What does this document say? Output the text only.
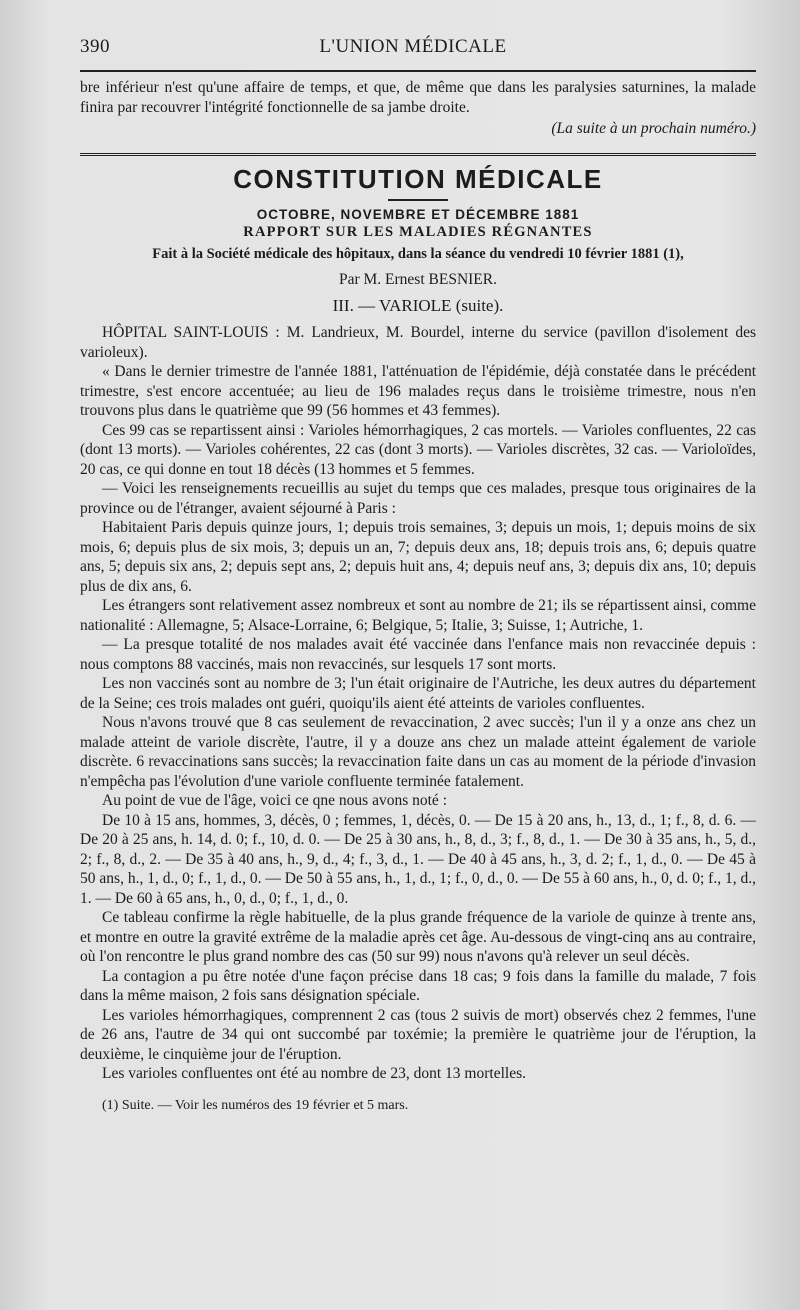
390	L'UNION MÉDICALE

bre inférieur n'est qu'une affaire de temps, et que, de même que dans les paralysies saturnines, la malade finira par recouvrer l'intégrité fonctionnelle de sa jambe droite.

(La suite à un prochain numéro.)

CONSTITUTION MÉDICALE
OCTOBRE, NOVEMBRE ET DÉCEMBRE 1881
RAPPORT SUR LES MALADIES RÉGNANTES

Fait à la Société médicale des hôpitaux, dans la séance du vendredi 10 février 1881 (1),

Par M. Ernest BESNIER.

III. — VARIOLE (suite).

HÔPITAL SAINT-LOUIS : M. Landrieux, M. Bourdel, interne du service (pavillon d'isolement des varioleux).

« Dans le dernier trimestre de l'année 1881, l'atténuation de l'épidémie, déjà constatée dans le précédent trimestre, s'est encore accentuée; au lieu de 196 malades reçus dans le troisième trimestre, nous n'en trouvons plus dans le quatrième que 99 (56 hommes et 43 femmes).

Ces 99 cas se repartissent ainsi : Varioles hémorrhagiques, 2 cas mortels. — Varioles confluentes, 22 cas (dont 13 morts). — Varioles cohérentes, 22 cas (dont 3 morts). — Varioles discrètes, 32 cas. — Varioloïdes, 20 cas, ce qui donne en tout 18 décès (13 hommes et 5 femmes.

— Voici les renseignements recueillis au sujet du temps que ces malades, presque tous originaires de la province ou de l'étranger, avaient séjourné à Paris :

Habitaient Paris depuis quinze jours, 1; depuis trois semaines, 3; depuis un mois, 1; depuis moins de six mois, 6; depuis plus de six mois, 3; depuis un an, 7; depuis deux ans, 18; depuis trois ans, 6; depuis quatre ans, 5; depuis six ans, 2; depuis sept ans, 2; depuis huit ans, 4; depuis neuf ans, 3; depuis dix ans, 10; depuis plus de dix ans, 6.

Les étrangers sont relativement assez nombreux et sont au nombre de 21; ils se répartissent ainsi, comme nationalité : Allemagne, 5; Alsace-Lorraine, 6; Belgique, 5; Italie, 3; Suisse, 1; Autriche, 1.

— La presque totalité de nos malades avait été vaccinée dans l'enfance mais non revaccinée depuis : nous comptons 88 vaccinés, mais non revaccinés, sur lesquels 17 sont morts.

Les non vaccinés sont au nombre de 3; l'un était originaire de l'Autriche, les deux autres du département de la Seine; ces trois malades ont guéri, quoiqu'ils aient été atteints de varioles confluentes.

Nous n'avons trouvé que 8 cas seulement de revaccination, 2 avec succès; l'un il y a onze ans chez un malade atteint de variole discrète, l'autre, il y a douze ans chez un malade atteint également de variole discrète. 6 revaccinations sans succès; la revaccination faite dans un cas au moment de la période d'invasion n'empêcha pas l'évolution d'une variole confluente terminée fatalement.

Au point de vue de l'âge, voici ce qne nous avons noté :

De 10 à 15 ans, hommes, 3, décès, 0 ; femmes, 1, décès, 0. — De 15 à 20 ans, h., 13, d., 1; f., 8, d. 6. — De 20 à 25 ans, h. 14, d. 0; f., 10, d. 0. — De 25 à 30 ans, h., 8, d., 3; f., 8, d., 1. — De 30 à 35 ans, h., 5, d., 2; f., 8, d., 2. — De 35 à 40 ans, h., 9, d., 4; f., 3, d., 1. — De 40 à 45 ans, h., 3, d. 2; f., 1, d., 0. — De 45 à 50 ans, h., 1, d., 0; f., 1, d., 0. — De 50 à 55 ans, h., 1, d., 1; f., 0, d., 0. — De 55 à 60 ans, h., 0, d. 0; f., 1, d., 1. — De 60 à 65 ans, h., 0, d., 0; f., 1, d., 0.

Ce tableau confirme la règle habituelle, de la plus grande fréquence de la variole de quinze à trente ans, et montre en outre la gravité extrême de la maladie après cet âge. Au-dessous de vingt-cinq ans au contraire, où l'on rencontre le plus grand nombre des cas (50 sur 99) nous n'avons qu'à relever un seul décès.

La contagion a pu être notée d'une façon précise dans 18 cas; 9 fois dans la famille du malade, 7 fois dans la même maison, 2 fois sans désignation spéciale.

Les varioles hémorrhagiques, comprennent 2 cas (tous 2 suivis de mort) observés chez 2 femmes, l'une de 26 ans, l'autre de 34 qui ont succombé par toxémie; la première le quatrième jour de l'éruption, la deuxième, le cinquième jour de l'éruption.

Les varioles confluentes ont été au nombre de 23, dont 13 mortelles.

(1) Suite. — Voir les numéros des 19 février et 5 mars.
